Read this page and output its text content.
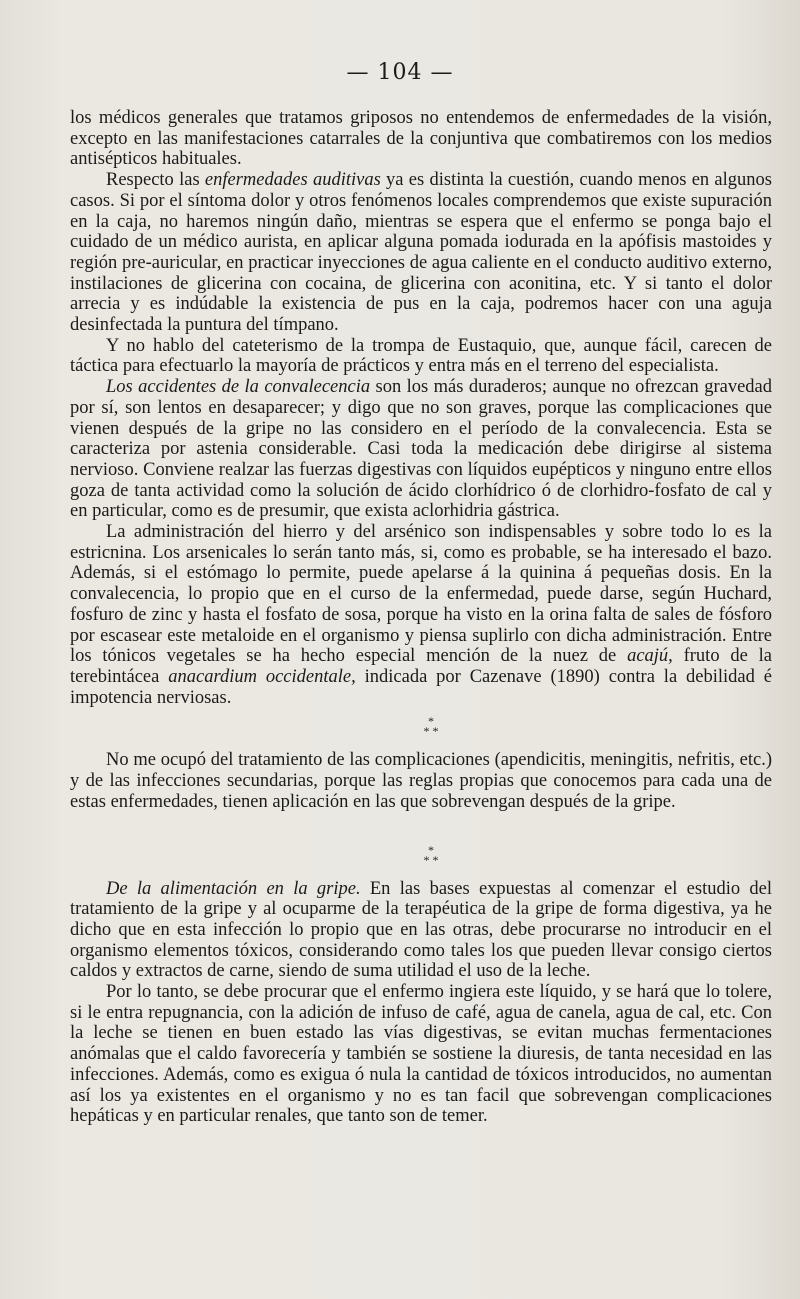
— 104 —

los médicos generales que tratamos griposos no entendemos de enfermedades de la visión, excepto en las manifestaciones catarrales de la conjuntiva que combatiremos con los medios antisépticos habituales.

Respecto las enfermedades auditivas ya es distinta la cuestión, cuando menos en algunos casos. Si por el síntoma dolor y otros fenómenos locales comprendemos que existe supuración en la caja, no haremos ningún daño, mientras se espera que el enfermo se ponga bajo el cuidado de un médico aurista, en aplicar alguna pomada iodurada en la apófisis mastoides y región pre-auricular, en practicar inyecciones de agua caliente en el conducto auditivo externo, instilaciones de glicerina con cocaina, de glicerina con aconitina, etc. Y si tanto el dolor arrecia y es indúdable la existencia de pus en la caja, podremos hacer con una aguja desinfectada la puntura del tímpano.

Y no hablo del cateterismo de la trompa de Eustaquio, que, aunque fácil, carecen de táctica para efectuarlo la mayoría de prácticos y entra más en el terreno del especialista.

Los accidentes de la convalecencia son los más duraderos; aunque no ofrezcan gravedad por sí, son lentos en desaparecer; y digo que no son graves, porque las complicaciones que vienen después de la gripe no las considero en el período de la convalecencia. Esta se caracteriza por astenia considerable. Casi toda la medicación debe dirigirse al sistema nervioso. Conviene realzar las fuerzas digestivas con líquidos eupépticos y ninguno entre ellos goza de tanta actividad como la solución de ácido clorhídrico ó de clorhidro-fosfato de cal y en particular, como es de presumir, que exista aclorhidria gástrica.

La administración del hierro y del arsénico son indispensables y sobre todo lo es la estricnina. Los arsenicales lo serán tanto más, si, como es probable, se ha interesado el bazo. Además, si el estómago lo permite, puede apelarse á la quinina á pequeñas dosis. En la convalecencia, lo propio que en el curso de la enfermedad, puede darse, según Huchard, fosfuro de zinc y hasta el fosfato de sosa, porque ha visto en la orina falta de sales de fósforo por escasear este metaloide en el organismo y piensa suplirlo con dicha administración. Entre los tónicos vegetales se ha hecho especial mención de la nuez de acajú, fruto de la terebintácea anacardium occidentale, indicada por Cazenave (1890) contra la debilidad é impotencia nerviosas.

*
* *

No me ocupó del tratamiento de las complicaciones (apendicitis, meningitis, nefritis, etc.) y de las infecciones secundarias, porque las reglas propias que conocemos para cada una de estas enfermedades, tienen aplicación en las que sobrevengan después de la gripe.

*
* *

De la alimentación en la gripe. En las bases expuestas al comenzar el estudio del tratamiento de la gripe y al ocuparme de la terapéutica de la gripe de forma digestiva, ya he dicho que en esta infección lo propio que en las otras, debe procurarse no introducir en el organismo elementos tóxicos, considerando como tales los que pueden llevar consigo ciertos caldos y extractos de carne, siendo de suma utilidad el uso de la leche.

Por lo tanto, se debe procurar que el enfermo ingiera este líquido, y se hará que lo tolere, si le entra repugnancia, con la adición de infuso de café, agua de canela, agua de cal, etc. Con la leche se tienen en buen estado las vías digestivas, se evitan muchas fermentaciones anómalas que el caldo favorecería y también se sostiene la diuresis, de tanta necesidad en las infecciones. Además, como es exigua ó nula la cantidad de tóxicos introducidos, no aumentan así los ya existentes en el organismo y no es tan facil que sobrevengan complicaciones hepáticas y en particular renales, que tanto son de temer.
